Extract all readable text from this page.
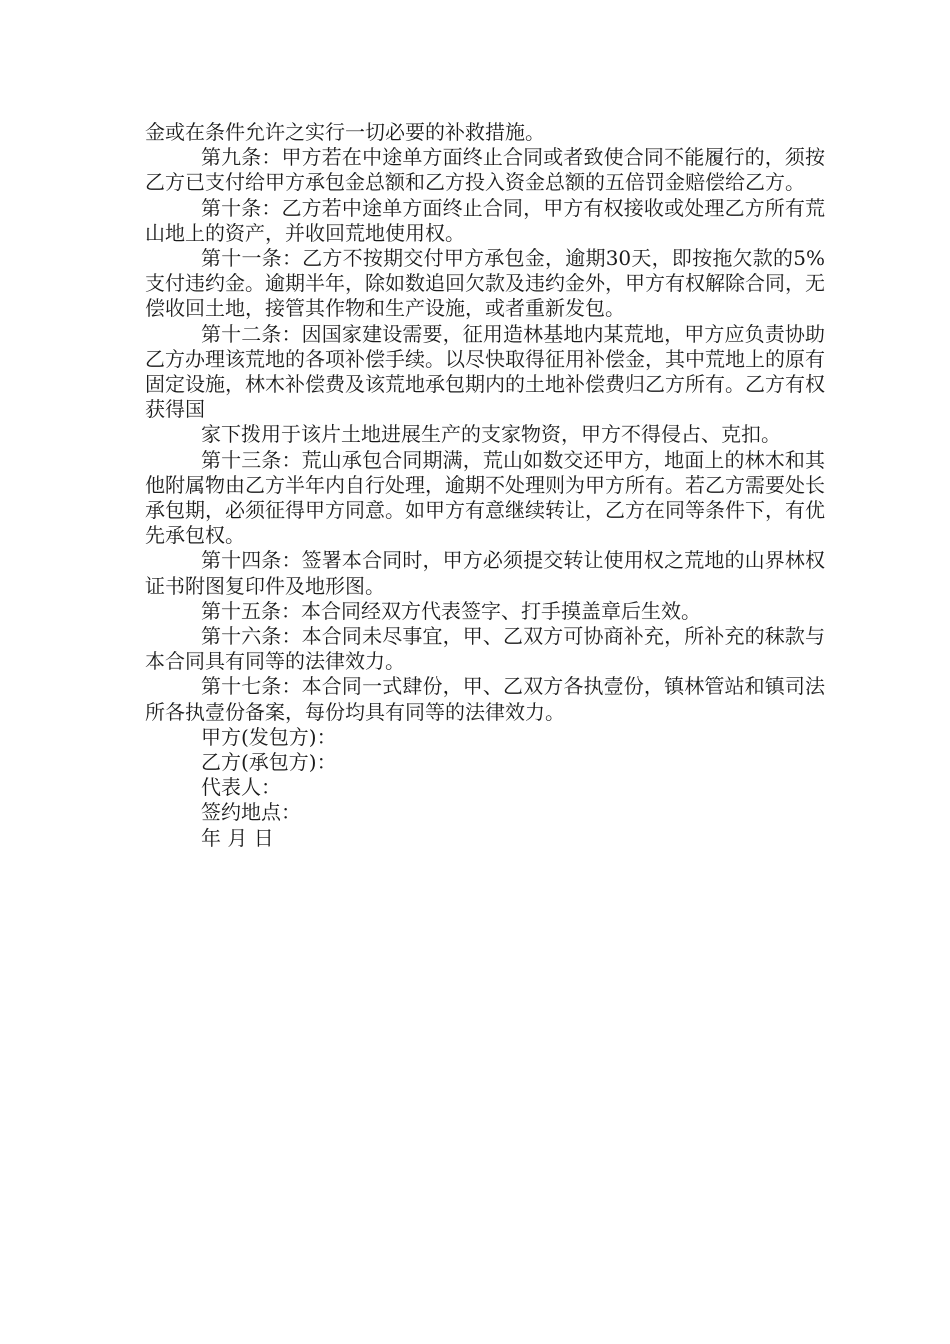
金或在条件允许之实行一切必要的补救措施。

第九条：甲方若在中途单方面终止合同或者致使合同不能履行的，须按乙方已支付给甲方承包金总额和乙方投入资金总额的五倍罚金赔偿给乙方。

第十条：乙方若中途单方面终止合同，甲方有权接收或处理乙方所有荒山地上的资产，并收回荒地使用权。

第十一条：乙方不按期交付甲方承包金，逾期30天，即按拖欠款的5%支付违约金。逾期半年，除如数追回欠款及违约金外，甲方有权解除合同，无偿收回土地，接管其作物和生产设施，或者重新发包。

第十二条：因国家建设需要，征用造林基地内某荒地，甲方应负责协助乙方办理该荒地的各项补偿手续。以尽快取得征用补偿金，其中荒地上的原有固定设施，林木补偿费及该荒地承包期内的土地补偿费归乙方所有。乙方有权获得国

家下拨用于该片土地进展生产的支家物资，甲方不得侵占、克扣。

第十三条：荒山承包合同期满，荒山如数交还甲方，地面上的林木和其他附属物由乙方半年内自行处理，逾期不处理则为甲方所有。若乙方需要处长承包期，必须征得甲方同意。如甲方有意继续转让，乙方在同等条件下，有优先承包权。

第十四条：签署本合同时，甲方必须提交转让使用权之荒地的山界林权证书附图复印件及地形图。

第十五条：本合同经双方代表签字、打手摸盖章后生效。

第十六条：本合同未尽事宜，甲、乙双方可协商补充，所补充的秣款与本合同具有同等的法律效力。

第十七条：本合同一式肆份，甲、乙双方各执壹份，镇林管站和镇司法所各执壹份备案，每份均具有同等的法律效力。

甲方(发包方)：

乙方(承包方)：

代表人：

签约地点：

年 月 日
